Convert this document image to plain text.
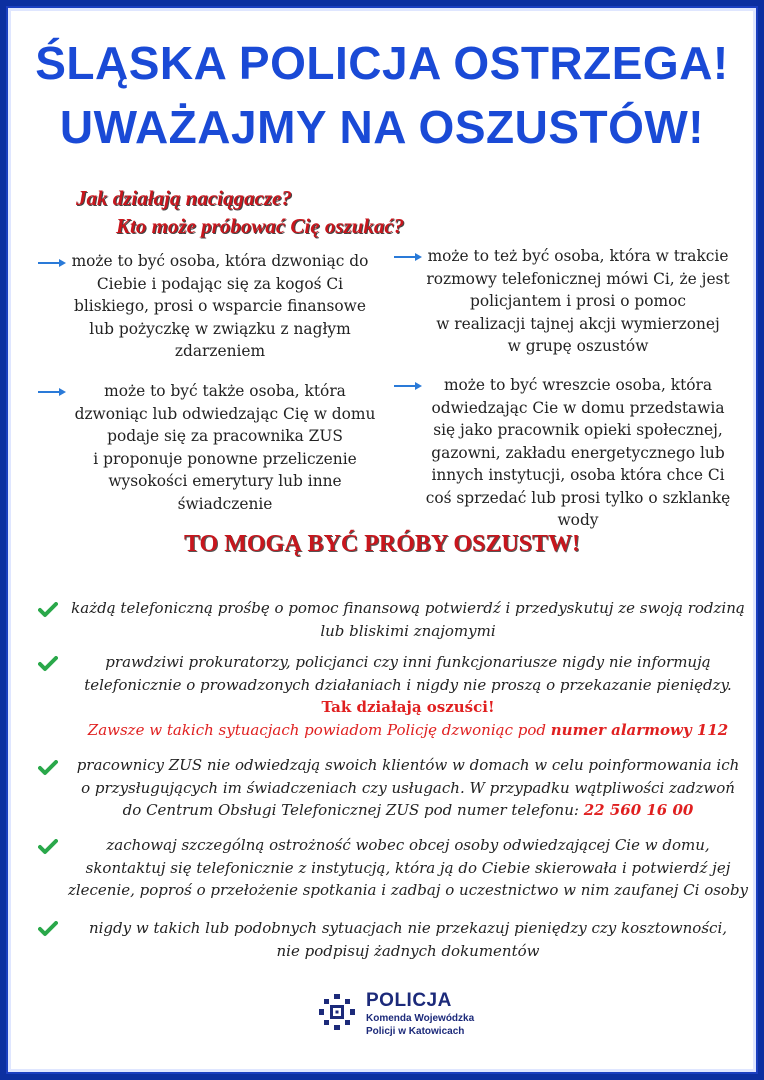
ŚLĄSKA POLICJA OSTRZEGA!
UWAŻAJMY NA OSZUSTÓW!
Jak działają naciągacze?
Kto może próbować Cię oszukać?
może to być osoba, która dzwoniąc do
Ciebie i podając się za kogoś Ci
bliskiego, prosi o wsparcie finansowe
lub pożyczkę w związku z nagłym
zdarzeniem
może to też być osoba, która w trakcie
rozmowy telefonicznej mówi Ci, że jest
policjantem i prosi o pomoc
w realizacji tajnej akcji wymierzonej
w grupę oszustów
może to być także osoba, która
dzwoniąc lub odwiedzając Cię w domu
podaje się za pracownika ZUS
i proponuje ponowne przeliczenie
wysokości emerytury lub inne
świadczenie
może to być wreszcie osoba, która
odwiedzając Cie w domu przedstawia
się jako pracownik opieki społecznej,
gazowni, zakładu energetycznego lub
innych instytucji, osoba która chce Ci
coś sprzedać lub prosi tylko o szklankę
wody
TO MOGĄ BYĆ PRÓBY OSZUSTW!
każdą telefoniczną prośbę o pomoc finansową potwierdź i przedyskutuj ze swoją rodziną
lub bliskimi znajomymi
prawdziwi prokuratorzy, policjanci czy inni funkcjonariusze nigdy nie informują
telefonicznie o prowadzonych działaniach i nigdy nie proszą o przekazanie pieniędzy.
Tak działają oszuści!
Zawsze w takich sytuacjach powiadom Policję dzwoniąc pod numer alarmowy 112
pracownicy ZUS nie odwiedzają swoich klientów w domach w celu poinformowania ich
o przysługujących im świadczeniach czy usługach. W przypadku wątpliwości zadzwoń
do Centrum Obsługi Telefonicznej ZUS pod numer telefonu: 22 560 16 00
zachowaj szczególną ostrożność wobec obcej osoby odwiedzającej Cie w domu,
skontaktuj się telefonicznie z instytucją, która ją do Ciebie skierowała i potwierdź jej
zlecenie, poproś o przełożenie spotkania i zadbaj o uczestnictwo w nim zaufanej Ci osoby
nigdy w takich lub podobnych sytuacjach nie przekazuj pieniędzy czy kosztowności,
nie podpisuj żadnych dokumentów
POLICJA
Komenda Wojewódzka
Policji w Katowicach
